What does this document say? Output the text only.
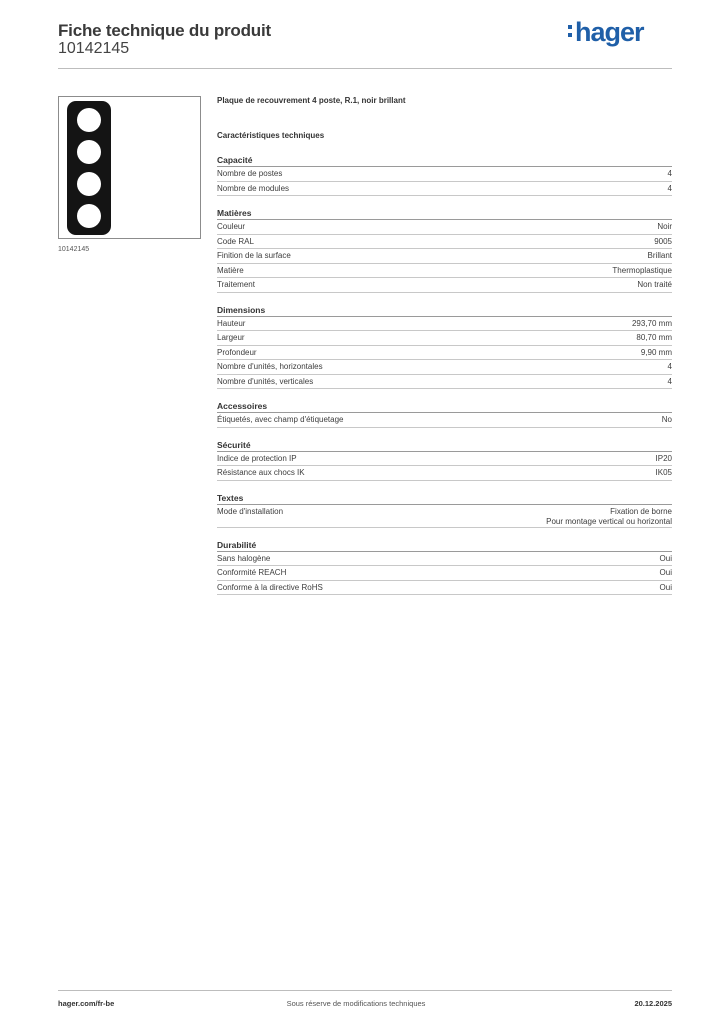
Fiche technique du produit
10142145
hager
10142145
Plaque de recouvrement 4 poste, R.1, noir brillant
Caractéristiques techniques
Capacité
Nombre de postes	4
Nombre de modules	4
Matières
Couleur	Noir
Code RAL	9005
Finition de la surface	Brillant
Matière	Thermoplastique
Traitement	Non traité
Dimensions
Hauteur	293,70 mm
Largeur	80,70 mm
Profondeur	9,90 mm
Nombre d'unités, horizontales	4
Nombre d'unités, verticales	4
Accessoires
Étiquetés, avec champ d'étiquetage	No
Sécurité
Indice de protection IP	IP20
Résistance aux chocs IK	IK05
Textes
Mode d'installation	Fixation de borne
Pour montage vertical ou horizontal
Durabilité
Sans halogène	Oui
Conformité REACH	Oui
Conforme à la directive RoHS	Oui
hager.com/fr-be	Sous réserve de modifications techniques	20.12.2025
